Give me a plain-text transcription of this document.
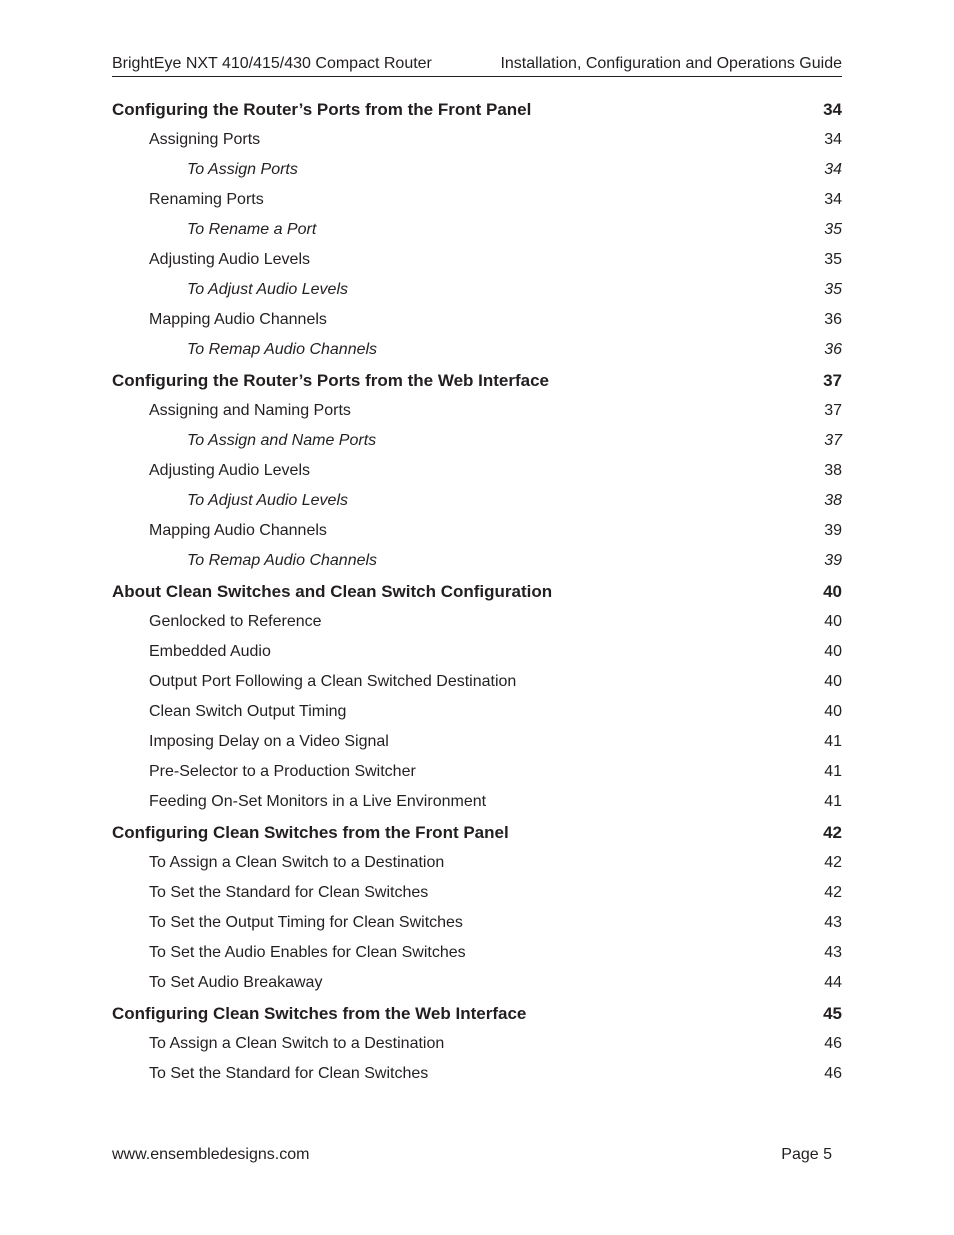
BrightEye NXT 410/415/430 Compact Router	Installation, Configuration and Operations Guide
Configuring the Router’s Ports from the Front Panel	34
Assigning Ports	34
To Assign Ports	34
Renaming Ports	34
To Rename a Port	35
Adjusting Audio Levels	35
To Adjust Audio Levels	35
Mapping Audio Channels	36
To Remap Audio Channels	36
Configuring the Router’s Ports from the Web Interface	37
Assigning and Naming Ports	37
To Assign and Name Ports	37
Adjusting Audio Levels	38
To Adjust Audio Levels	38
Mapping Audio Channels	39
To Remap Audio Channels	39
About Clean Switches and Clean Switch Configuration	40
Genlocked to Reference	40
Embedded Audio	40
Output Port Following a Clean Switched Destination	40
Clean Switch Output Timing	40
Imposing Delay on a Video Signal	41
Pre-Selector to a Production Switcher	41
Feeding On-Set Monitors in a Live Environment	41
Configuring Clean Switches from the Front Panel	42
To Assign a Clean Switch to a Destination	42
To Set the Standard for Clean Switches	42
To Set the Output Timing for Clean Switches	43
To Set the Audio Enables for Clean Switches	43
To Set Audio Breakaway	44
Configuring Clean Switches from the Web Interface	45
To Assign a Clean Switch to a Destination	46
To Set the Standard for Clean Switches	46
www.ensembledesigns.com	Page 5
